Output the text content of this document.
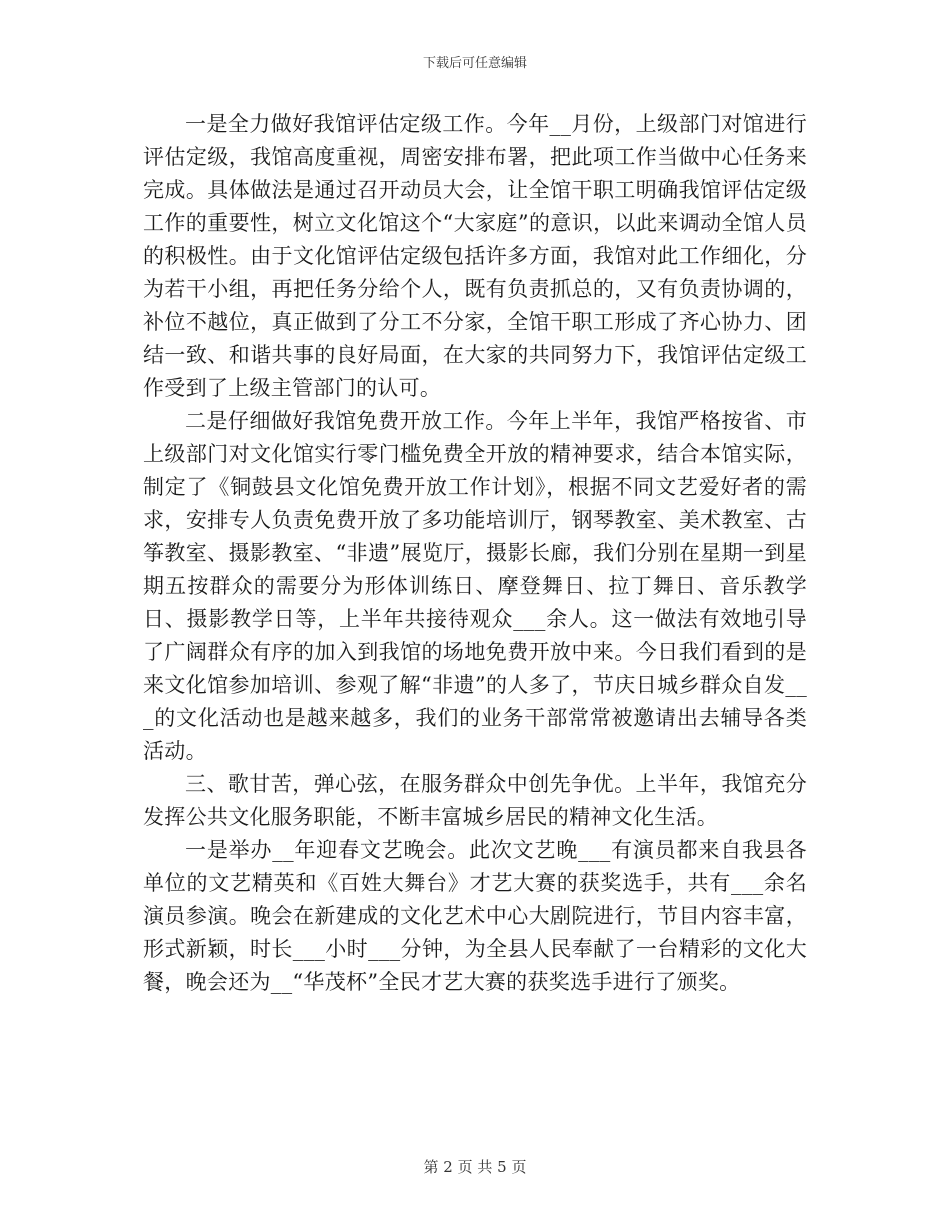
下载后可任意编辑

一是全力做好我馆评估定级工作。今年__月份，上级部门对馆进行评估定级，我馆高度重视，周密安排布署，把此项工作当做中心任务来完成。具体做法是通过召开动员大会，让全馆干职工明确我馆评估定级工作的重要性，树立文化馆这个“大家庭”的意识，以此来调动全馆人员的积极性。由于文化馆评估定级包括许多方面，我馆对此工作细化，分为若干小组，再把任务分给个人，既有负责抓总的，又有负责协调的，补位不越位，真正做到了分工不分家，全馆干职工形成了齐心协力、团结一致、和谐共事的良好局面，在大家的共同努力下，我馆评估定级工作受到了上级主管部门的认可。

二是仔细做好我馆免费开放工作。今年上半年，我馆严格按省、市上级部门对文化馆实行零门槛免费全开放的精神要求，结合本馆实际，制定了《铜鼓县文化馆免费开放工作计划》，根据不同文艺爱好者的需求，安排专人负责免费开放了多功能培训厅，钢琴教室、美术教室、古筝教室、摄影教室、“非遗”展览厅，摄影长廊，我们分别在星期一到星期五按群众的需要分为形体训练日、摩登舞日、拉丁舞日、音乐教学日、摄影教学日等，上半年共接待观众___余人。这一做法有效地引导了广阔群众有序的加入到我馆的场地免费开放中来。今日我们看到的是来文化馆参加培训、参观了解“非遗”的人多了，节庆日城乡群众自发___的文化活动也是越来越多，我们的业务干部常常被邀请出去辅导各类活动。

三、歌甘苦，弹心弦，在服务群众中创先争优。上半年，我馆充分发挥公共文化服务职能，不断丰富城乡居民的精神文化生活。

一是举办__年迎春文艺晚会。此次文艺晚___有演员都来自我县各单位的文艺精英和《百姓大舞台》才艺大赛的获奖选手，共有___余名演员参演。晚会在新建成的文化艺术中心大剧院进行，节目内容丰富，形式新颖，时长___小时___分钟，为全县人民奉献了一台精彩的文化大餐，晚会还为__“华茂杯”全民才艺大赛的获奖选手进行了颁奖。

第 2 页 共 5 页
